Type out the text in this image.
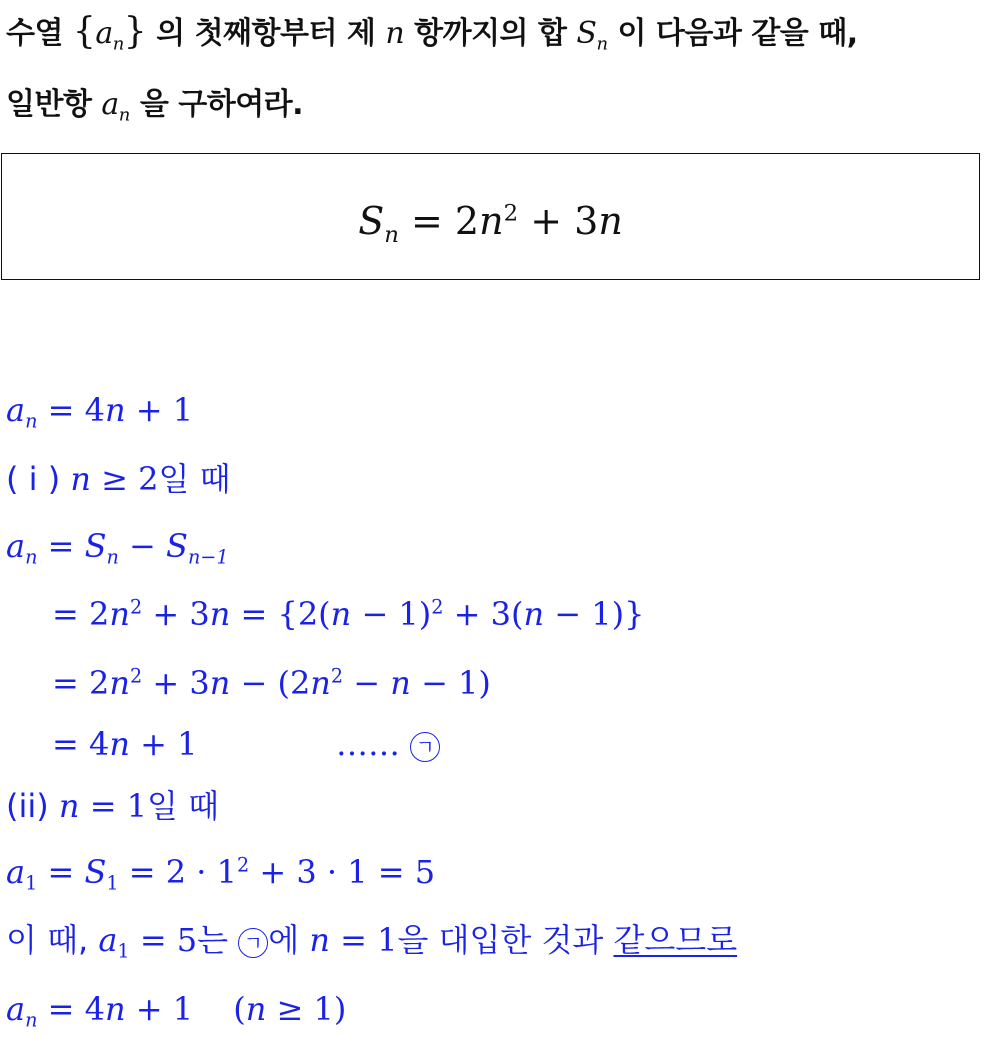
수열 $\{a_n\}$ 의 첫째항부터 제 n 항까지의 합 $S_n$ 이 다음과 같을 때,
일반항 $a_n$ 을 구하여라.
$S_n = 2n^2 + 3n$
$a_n = 4n + 1$
( i ) n ≥ 2일 때
$a_n = S_n - S_{n-1}$
= $2n^2 + 3n = \{2(n - 1)^2 + 3(n - 1)\}$
= $2n^2 + 3n - (2n^2 - n - 1)$
= 4n + 1	…… ㄱ
(ii) n = 1일 때
$a_1 = S_1 = 2 \cdot 1^2 + 3 \cdot 1 = 5$
이 때, $a_1 = 5$는 ㄱ 에 n = 1을 대입한 것과 같으므로
$a_n = 4n + 1$ (n ≥ 1)
